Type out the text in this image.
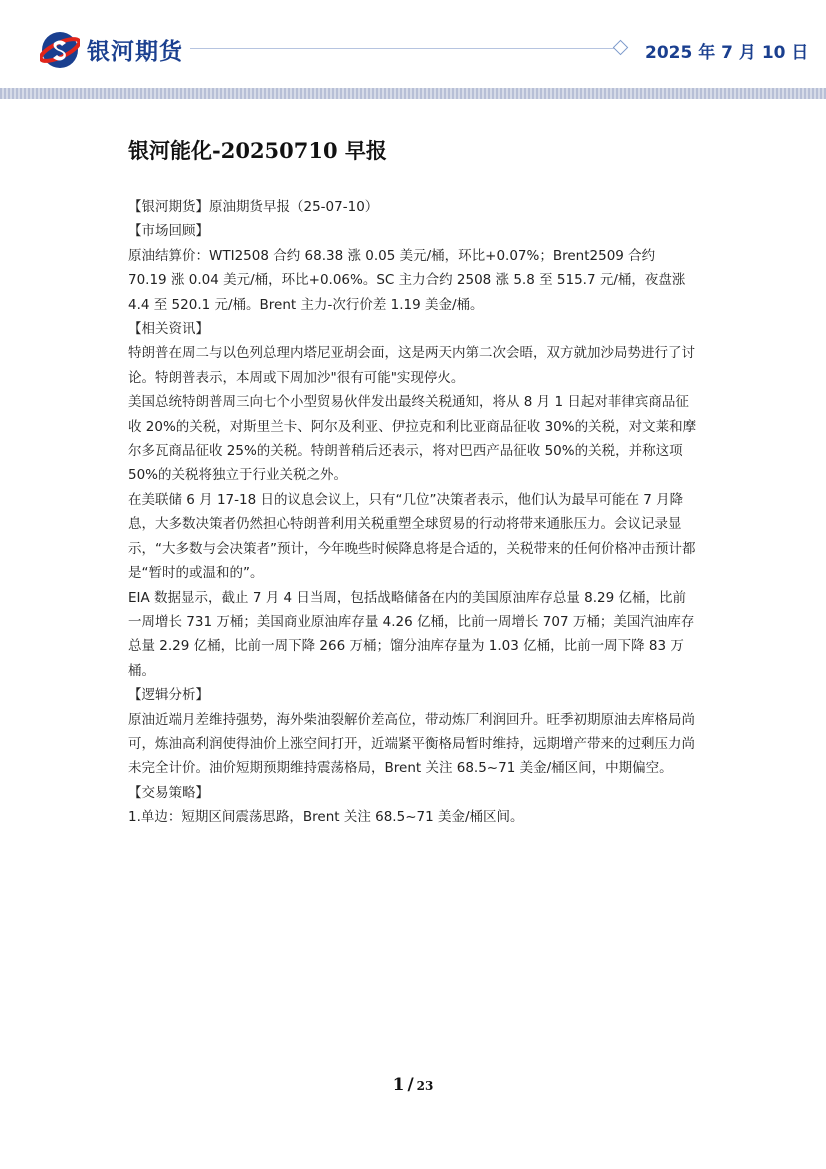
银河期货	2025 年 7 月 10 日
银河能化-20250710 早报

【银河期货】原油期货早报（25-07-10）

【市场回顾】

原油结算价：WTI2508 合约 68.38 涨 0.05 美元/桶，环比+0.07%；Brent2509 合约 70.19 涨 0.04 美元/桶，环比+0.06%。SC 主力合约 2508 涨 5.8 至 515.7 元/桶，夜盘涨 4.4 至 520.1 元/桶。Brent 主力-次行价差 1.19 美金/桶。

【相关资讯】

特朗普在周二与以色列总理内塔尼亚胡会面，这是两天内第二次会晤，双方就加沙局势进行了讨论。特朗普表示，本周或下周加沙"很有可能"实现停火。

美国总统特朗普周三向七个小型贸易伙伴发出最终关税通知，将从 8 月 1 日起对菲律宾商品征收 20%的关税，对斯里兰卡、阿尔及利亚、伊拉克和利比亚商品征收 30%的关税，对文莱和摩尔多瓦商品征收 25%的关税。特朗普稍后还表示，将对巴西产品征收 50%的关税，并称这项 50%的关税将独立于行业关税之外。

在美联储 6 月 17-18 日的议息会议上，只有“几位”决策者表示，他们认为最早可能在 7 月降息，大多数决策者仍然担心特朗普利用关税重塑全球贸易的行动将带来通胀压力。会议记录显示，“大多数与会决策者”预计，今年晚些时候降息将是合适的，关税带来的任何价格冲击预计都是“暂时的或温和的”。

EIA 数据显示，截止 7 月 4 日当周，包括战略储备在内的美国原油库存总量 8.29 亿桶，比前一周增长 731 万桶；美国商业原油库存量 4.26 亿桶，比前一周增长 707 万桶；美国汽油库存总量 2.29 亿桶，比前一周下降 266 万桶；馏分油库存量为 1.03 亿桶，比前一周下降 83 万桶。

【逻辑分析】

原油近端月差维持强势，海外柴油裂解价差高位，带动炼厂利润回升。旺季初期原油去库格局尚可，炼油高利润使得油价上涨空间打开，近端紧平衡格局暂时维持，远期增产带来的过剩压力尚未完全计价。油价短期预期维持震荡格局，Brent 关注 68.5~71 美金/桶区间，中期偏空。

【交易策略】

1.单边：短期区间震荡思路，Brent 关注 68.5~71 美金/桶区间。

1 / 23
